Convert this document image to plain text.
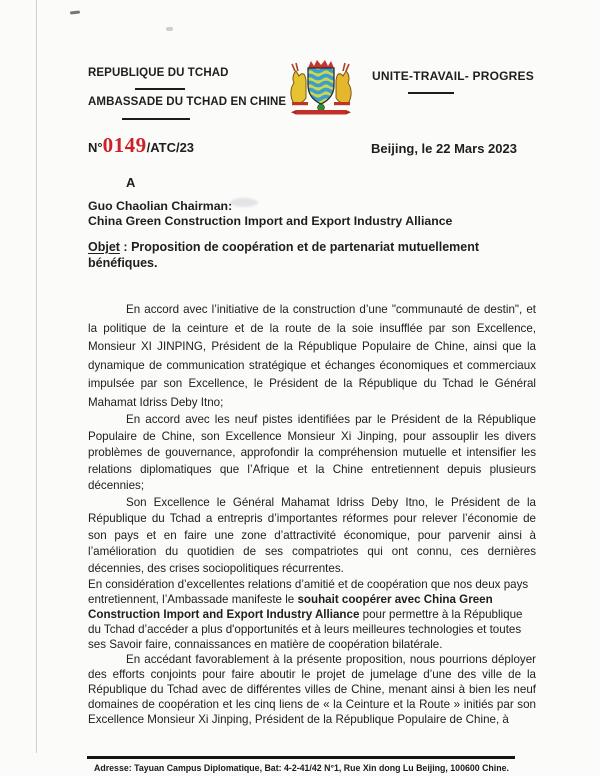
REPUBLIQUE DU TCHAD
AMBASSADE DU TCHAD EN CHINE
UNITE-TRAVAIL- PROGRES
N°0149/ATC/23	Beijing, le 22 Mars 2023
A
Guo Chaolian Chairman:
China Green Construction Import and Export Industry Alliance
Objet : Proposition de coopération et de partenariat mutuellement bénéfiques.

En accord avec l’initiative de la construction d’une "communauté de destin", et la politique de la ceinture et de la route de la soie insufflée par son Excellence, Monsieur XI JINPING, Président de la République Populaire de Chine, ainsi que la dynamique de communication stratégique et échanges économiques et commerciaux impulsée par son Excellence, le Président de la République du Tchad le Général Mahamat Idriss Deby Itno;

En accord avec les neuf pistes identifiées par le Président de la République Populaire de Chine, son Excellence Monsieur Xi Jinping, pour assouplir les divers problèmes de gouvernance, approfondir la compréhension mutuelle et intensifier les relations diplomatiques que l’Afrique et la Chine entretiennent depuis plusieurs décennies;

Son Excellence le Général Mahamat Idriss Deby Itno, le Président de la République du Tchad a entrepris d’importantes réformes pour relever l’économie de son pays et en faire une zone d’attractivité économique, pour parvenir ainsi à l’amélioration du quotidien de ses compatriotes qui ont connu, ces dernières décennies, des crises sociopolitiques récurrentes.

En considération d’excellentes relations d’amitié et de coopération que nos deux pays entretiennent, l’Ambassade manifeste le souhait coopérer avec China Green Construction Import and Export Industry Alliance pour permettre à la République du Tchad d’accéder a plus d'opportunités et à leurs meilleures technologies et toutes ses Savoir faire, connaissances en matière de coopération bilatérale.

En accédant favorablement à la présente proposition, nous pourrions déployer des efforts conjoints pour faire aboutir le projet de jumelage d’une des ville de la République du Tchad avec de différentes villes de Chine, menant ainsi à bien les neuf domaines de coopération et les cinq liens de « la Ceinture et la Route » initiés par son Excellence Monsieur Xi Jinping, Président de la République Populaire de Chine, à

Adresse: Tayuan Campus Diplomatique, Bat: 4-2-41/42 N°1, Rue Xin dong Lu Beijing, 100600 Chine.
